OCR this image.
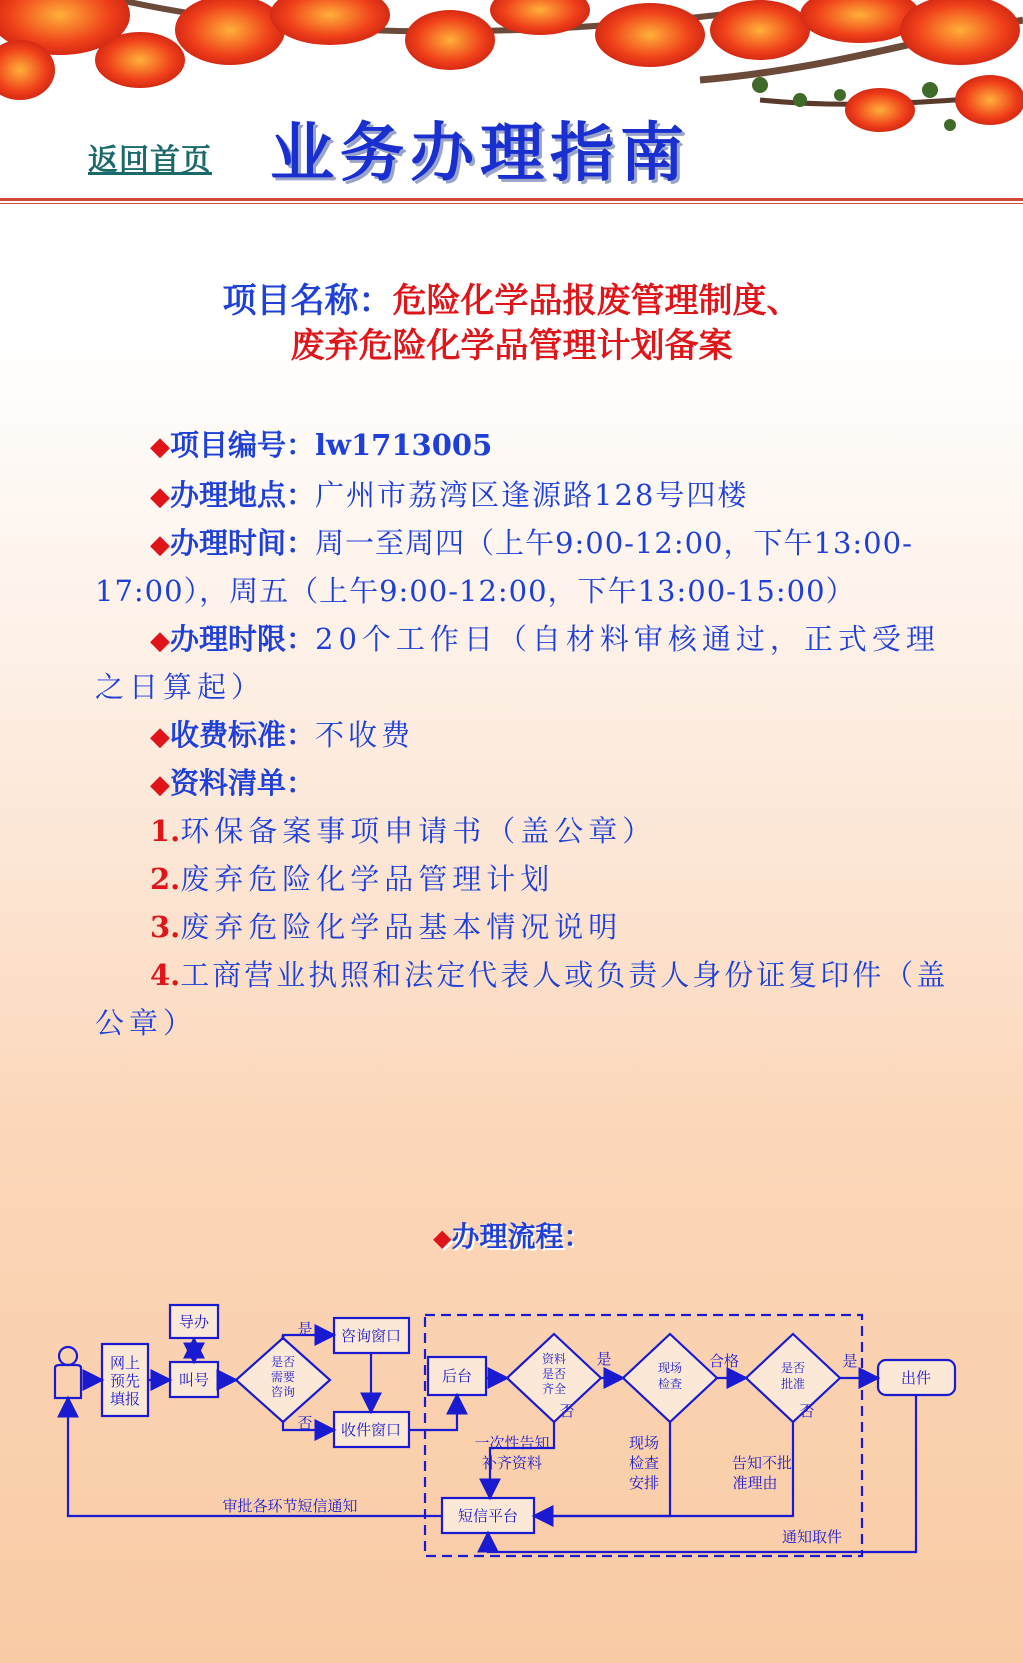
返回首页 业务办理指南
项目名称：危险化学品报废管理制度、
废弃危险化学品管理计划备案
◆项目编号：lw1713005
◆办理地点：广州市荔湾区逢源路128号四楼
◆办理时间：周一至周四（上午9:00-12:00，下午13:00-
17:00），周五（上午9:00-12:00，下午13:00-15:00）
◆办理时限：20个工作日（自材料审核通过，正式受理
之日算起）
◆收费标准：不收费
◆资料清单：
1.环保备案事项申请书（盖公章）
2.废弃危险化学品管理计划
3.废弃危险化学品基本情况说明
4.工商营业执照和法定代表人或负责人身份证复印件（盖
公章）
◆办理流程：
网上
预先
填报
导办
叫号
是否
需要
咨询
咨询窗口
收件窗口
后台
资料
是否
齐全
现场
检查
是否
批准	出件
短信平台
是
否
是
否
合格	是
否
一次性告知
补齐资料
现场
检查
安排
告知不批
准理由
通知取件
审批各环节短信通知
